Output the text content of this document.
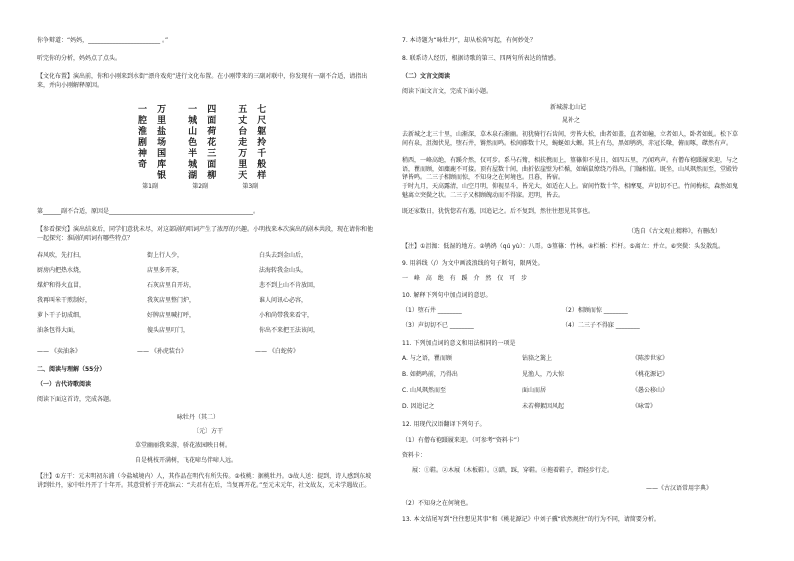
你争辩道：“妈妈，________________________ 。”
听完你的分析，妈妈点了点头。
【文化布置】演出前，你和小刚来到水街“漂舟戏苑”进行文化布置。在小刚带来的三副对联中，你发现有一副不合适，请指出来，并向小刚解释原因。
一腔淮剧神奇 万里盐场国库银
第1副
一城山色半城湖 四面荷花三面柳
第2副
五丈台走万里天 七尺躯拎千般样
第3副
第______副不合适，原因是________________________________________________。
【参看探究】演出结束后，同学们意犹未尽，对这部剧的唱词产生了浓厚的兴趣。小明找来本次演出的剧本共段，现在请你和他一起探究：淮剧的唱词有哪些特点？
春风吹，先打扫，	街上行人少，	白头去到金山后，
厨房内把热水烧，	店里多开茶，	法海转我金山头，
煤炉和得火直冒，	石灰店里自开坊，	悲不到上山不肯放回，
我再叫米干煎制好，	我灰店里整门炉，	谁人问讯心必容，
萝卜干子切成细，	好牌店里喊打呼，	小和尚带我来看守，
油条包得大面，	傻头店里叮门，	你出不来把王法该问，
—— 《卖油条》	—— 《孙虎装台》	—— 《白蛇传》
二、阅读与理解（55分）
（一）古代诗歌阅读
阅读下面这首诗，完成各题。
咏牡丹（其二）
〔元〕方干
草堂幽丽我来游，骄花浓园映日树。
自是桃枝开满树，飞花啼鸟伴啼人远。
【注】①方干：元末明初东浦（今盐城境内）人，其作品在明代有所失传。②枝桃：据桃牡丹。③故人送：提到，诗人感到东坡讲到牡丹，家中牡丹开了十年开。其意赏析于开花缤云：“夫君有在后，当复再开花。”至元末元年，社文故友，元末学遇故正。
7. 本诗题为“咏牡丹”，却从松荷写起，有何妙处？
8. 联系诗人经历，根据诗歌的第三、四两句所表达的情感。
（二）文言文阅读
阅读下面文言文，完成下面小题。
新城游北山记
晁补之
去新城之北三十里，山渐深，草木泉石渐幽。初犹骑行石齿间，旁皆大松，曲者如盖，直者如幢，立者如人，卧者如虬。松下草间有泉，沮洳伏见，堕石井，锵然而鸣。松间藤数十尺，蜿蜒如大螈。其上有鸟，黑如鸲鹆，赤冠长喙，俯而啄，磔然有声。
稍西，一峰高绝，有蹊介然，仅可步。系马石觜，相扶携而上，篁篠仰不见日，如四五里，乃闻鸡声。有僧布袍蹑履来迎，与之语，瞿而顾，如麋鹿不可接。顶有屋数十间，曲折依崖壁为栏楯，如蜗鼠缭绕乃得出，门牖相值。既坐，山风飒然而至，堂殿铃铎皆鸣。二三子相顾而惊，不知身之在何境也。且暮，皆宿。
于时九月，天高露清，山空月明，仰视星斗，皆光大，如适在人上。窗间竹数十竿，相摩戛，声切切不已。竹间梅棕，森然如鬼魅离立突鬓之状。二三子又相顾魄动而不得寐。迟明，皆去。
既还家数日，犹恍惚若有遇，因追记之。后不复到，然往往想见其事也。
（选自《古文观止精粹》，有删改）
【注】①沮洳：低湿的地方。②鸲鹆（qú yù）：八哥。③篁篠：竹林。④栏楯：栏杆。⑤离立：并立。⑥突鬓：头发散乱。
9. 用斜线（/）为文中画波浪线的句子断句，限两处。
一 峰 高 绝 有 蹊 介 然 仅 可 步
10. 解释下列句中加点词的意思。
（1）堕石井 ________	（2）相顾而惊 ________
（3）声切切不已 ________	（4）二三子不得寐 ________
11. 下列加点词的意义和用法相同的一项是
A. 与之语，瞿而顾	钻貉之篱上	《陈涉世家》
B. 如鹤鸣前，乃得出	见渔人，乃大惊	《桃花源记》
C. 山风飒然而至	面山而居	《愚公移山》
D. 因追记之	未若柳絮因风起	《咏雪》
12. 用现代汉语翻译下列句子。
（1）有僧布袍蹑履来迎。（可参考“资料卡”）
资料卡：
屐：①鞋。②木屐（木板鞋）。③踏，踩，穿鞋。④拖着鞋子，谓轻步行走。
——《古汉语常用字典》
（2）不知身之在何境也。
13. 本文结尾写到“往往想见其事”和《桃花源记》中刘子骥“欣然规往”的行为不同，请简要分析。
